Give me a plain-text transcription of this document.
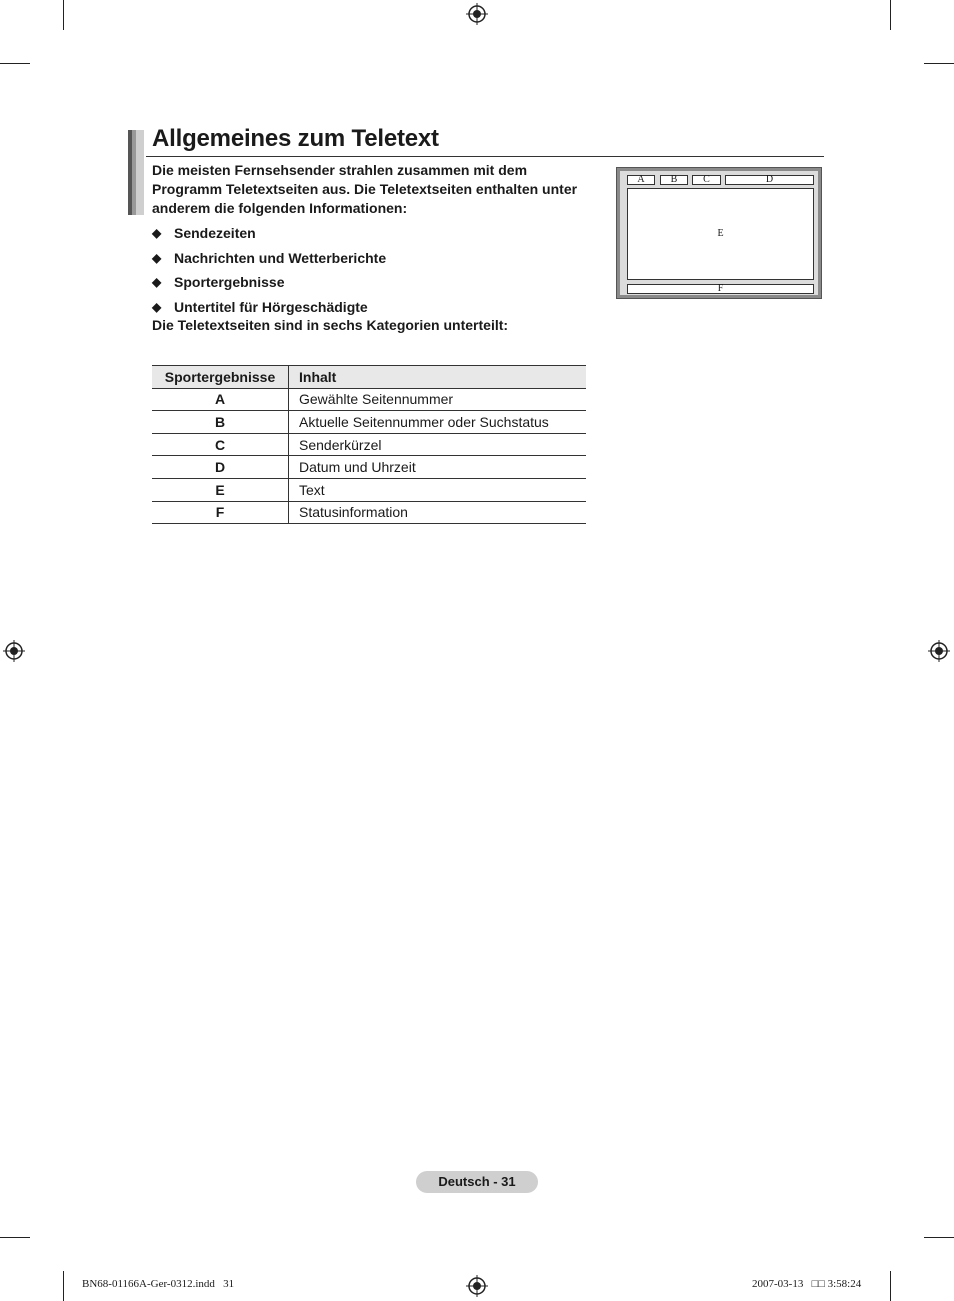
Allgemeines zum Teletext
Die meisten Fernsehsender strahlen zusammen mit dem Programm Teletextseiten aus. Die Teletextseiten enthalten unter anderem die folgenden Informationen:
◆ Sendezeiten
◆ Nachrichten und Wetterberichte
◆ Sportergebnisse
◆ Untertitel für Hörgeschädigte
Die Teletextseiten sind in sechs Kategorien unterteilt:
Sportergebnisse	Inhalt
A	Gewählte Seitennummer
B	Aktuelle Seitennummer oder Suchstatus
C	Senderkürzel
D	Datum und Uhrzeit
E	Text
F	Statusinformation
A	B	C	D
E
F
Deutsch - 31
BN68-01166A-Ger-0312.indd   31	2007-03-13   □□ 3:58:24
